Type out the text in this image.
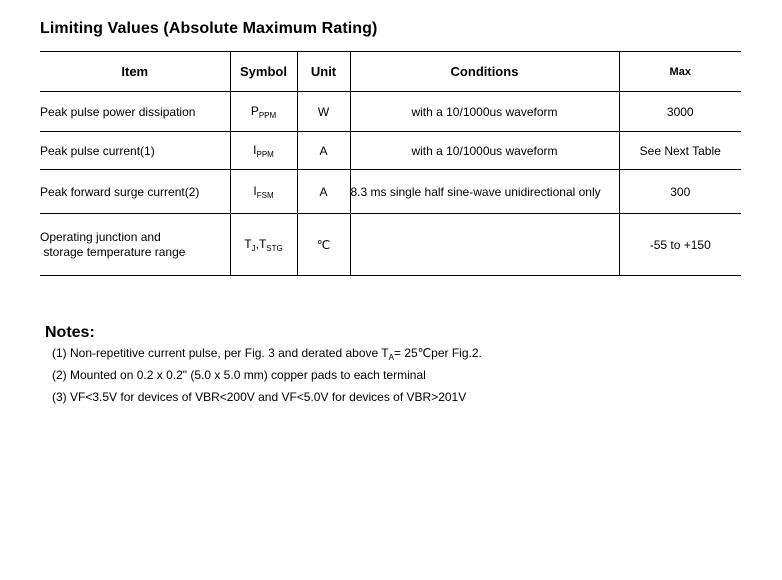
Limiting Values (Absolute Maximum Rating)
Item	Symbol	Unit	Conditions	Max
Peak pulse power dissipation	$P_{PPM}$	W	with a 10/1000us waveform	3000
Peak pulse current(1)	$I_{PPM}$	A	with a 10/1000us waveform	See Next Table
Peak forward surge current(2)	$I_{FSM}$	A	8.3 ms single half sine-wave unidirectional only	300

Operating junction and
storage temperature range	$T_J,T_{STG}$	℃		-55 to +150
Notes:
(1) Non-repetitive current pulse, per Fig. 3 and derated above $T_A=$ 25℃per Fig.2.
(2) Mounted on 0.2 x 0.2" (5.0 x 5.0 mm) copper pads to each terminal
(3) VF<3.5V for devices of VBR<200V and VF<5.0V for devices of VBR>201V
